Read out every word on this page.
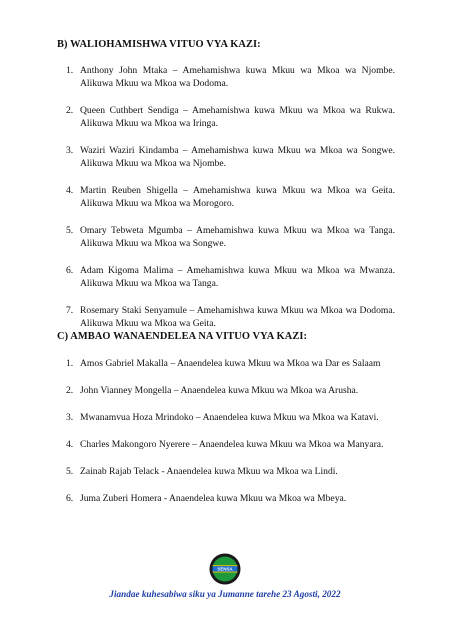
B) WALIOHAMISHWA VITUO VYA KAZI:
1. Anthony John Mtaka – Amehamishwa kuwa Mkuu wa Mkoa wa Njombe. Alikuwa Mkuu wa Mkoa wa Dodoma.
2. Queen Cuthbert Sendiga – Amehamishwa kuwa Mkuu wa Mkoa wa Rukwa. Alikuwa Mkuu wa Mkoa wa Iringa.
3. Waziri Waziri Kindamba – Amehamishwa kuwa Mkuu wa Mkoa wa Songwe. Alikuwa Mkuu wa Mkoa wa Njombe.
4. Martin Reuben Shigella – Amehamishwa kuwa Mkuu wa Mkoa wa Geita. Alikuwa Mkuu wa Mkoa wa Morogoro.
5. Omary Tebweta Mgumba – Amehamishwa kuwa Mkuu wa Mkoa wa Tanga. Alikuwa Mkuu wa Mkoa wa Songwe.
6. Adam Kigoma Malima – Amehamishwa kuwa Mkuu wa Mkoa wa Mwanza. Alikuwa Mkuu wa Mkoa wa Tanga.
7. Rosemary Staki Senyamule – Amehamishwa kuwa Mkuu wa Mkoa wa Dodoma. Alikuwa Mkuu wa Mkoa wa Geita.
C) AMBAO WANAENDELEA NA VITUO VYA KAZI:
1. Amos Gabriel Makalla – Anaendelea kuwa Mkuu wa Mkoa wa Dar es Salaam
2. John Vianney Mongella – Anaendelea kuwa Mkuu wa Mkoa wa Arusha.
3. Mwanamvua Hoza Mrindoko – Anaendelea kuwa Mkuu wa Mkoa wa Katavi.
4. Charles Makongoro Nyerere – Anaendelea kuwa Mkuu wa Mkoa wa Manyara.
5. Zainab Rajab Telack - Anaendelea kuwa Mkuu wa Mkoa wa Lindi.
6. Juma Zuberi Homera - Anaendelea kuwa Mkuu wa Mkoa wa Mbeya.
SENSA
Jiandae kuhesabiwa siku ya Jumanne tarehe 23 Agosti, 2022
